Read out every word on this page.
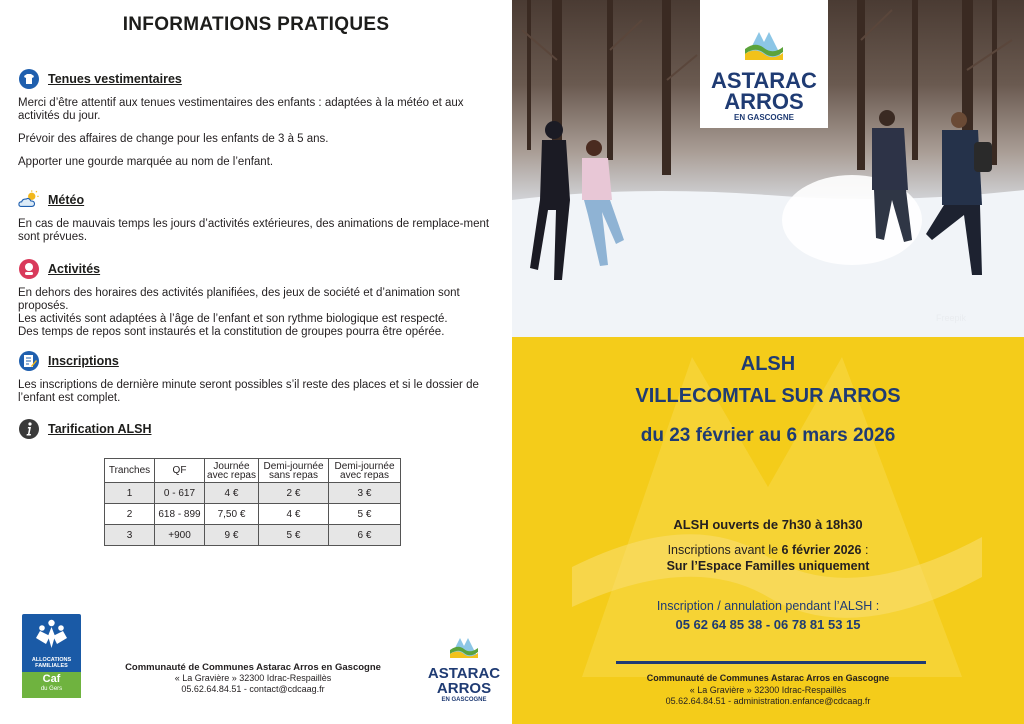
INFORMATIONS PRATIQUES
Tenues vestimentaires

Merci d’être attentif aux tenues vestimentaires des enfants : adaptées à la météo et aux activités du jour.

Prévoir des affaires de change pour les enfants de 3 à 5 ans.

Apporter une gourde marquée au nom de l’enfant.

Météo

En cas de mauvais temps les jours d’activités extérieures, des animations de remplace-ment sont prévues.

Activités

En dehors des horaires des activités planifiées, des jeux de société et d’animation sont proposés.

Les activités sont adaptées à l’âge de l’enfant et son rythme biologique est respecté.

Des temps de repos sont instaurés et la constitution de groupes pourra être opérée.

Inscriptions

Les inscriptions de dernière minute seront possibles s’il reste des places et si le dossier de l’enfant est complet.

Tarification ALSH
Tranches	QF	Journée avec repas	Demi-journée sans repas	Demi-journée avec repas
1	0 - 617	4 €	2 €	3 €
2	618 - 899	7,50 €	4 €	5 €
3	+900	9 €	5 €	6 €
ALLOCATIONS
FAMILIALES
Caf
du Gers
Communauté de Communes Astarac Arros en Gascogne
« La Gravière » 32300 Idrac-Respaillès
05.62.64.84.51 - contact@cdcaag.fr
ASTARAC
ARROS
EN GASCOGNE
ASTARAC
ARROS
EN GASCOGNE
Freepik
ALSH
VILLECOMTAL SUR ARROS
du 23 février au 6 mars 2026
ALSH ouverts de 7h30 à 18h30
Inscriptions avant le 6 février 2026 :
Sur l’Espace Familles uniquement
Inscription / annulation pendant l’ALSH :
05 62 64 85 38 - 06 78 81 53 15
Communauté de Communes Astarac Arros en Gascogne
« La Gravière » 32300 Idrac-Respaillès
05.62.64.84.51 - administration.enfance@cdcaag.fr
